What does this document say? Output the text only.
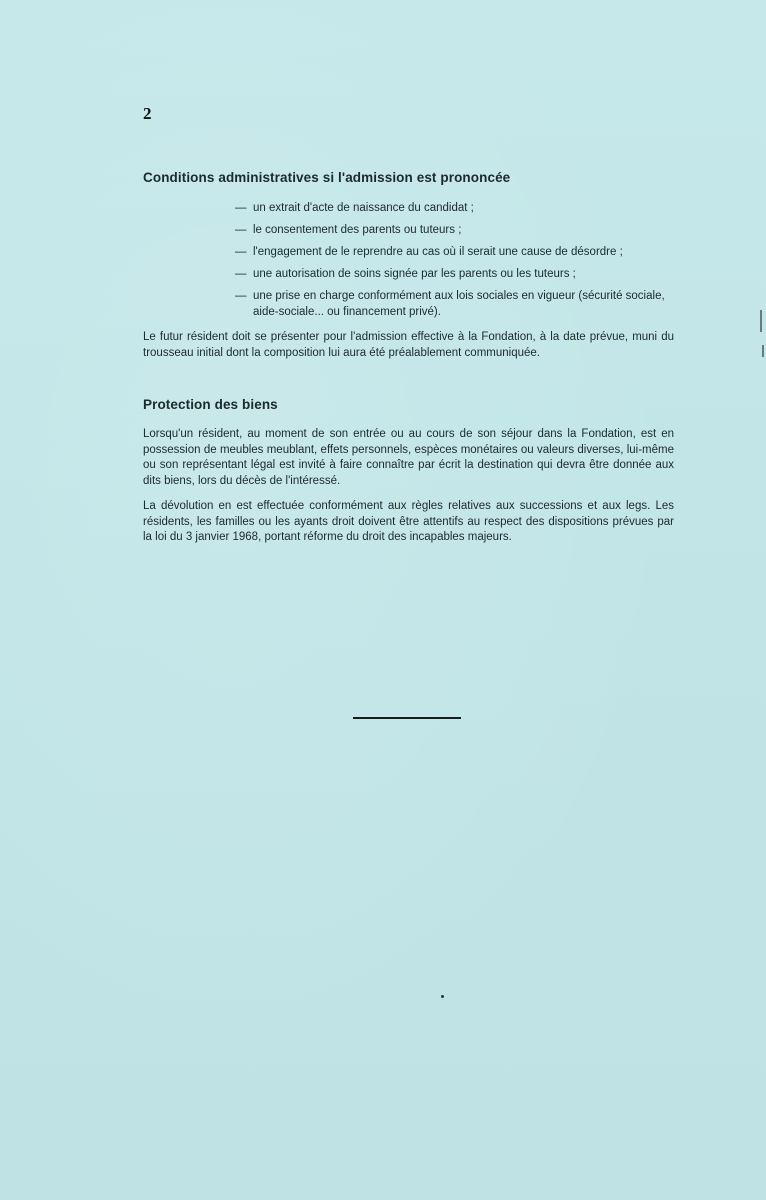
2
Conditions administratives si l'admission est prononcée
— un extrait d'acte de naissance du candidat ;
— le consentement des parents ou tuteurs ;
— l'engagement de le reprendre au cas où il serait une cause de désordre ;
— une autorisation de soins signée par les parents ou les tuteurs ;
— une prise en charge conformément aux lois sociales en vigueur (sécurité sociale, aide-sociale... ou financement privé).

Le futur résident doit se présenter pour l'admission effective à la Fondation, à la date prévue, muni du trousseau initial dont la composition lui aura été préalablement communiquée.

Protection des biens

Lorsqu'un résident, au moment de son entrée ou au cours de son séjour dans la Fondation, est en possession de meubles meublant, effets personnels, espèces monétaires ou valeurs diverses, lui-même ou son représentant légal est invité à faire connaître par écrit la destination qui devra être donnée aux dits biens, lors du décès de l'intéressé.

La dévolution en est effectuée conformément aux règles relatives aux successions et aux legs. Les résidents, les familles ou les ayants droit doivent être attentifs au respect des dispositions prévues par la loi du 3 janvier 1968, portant réforme du droit des incapables majeurs.
